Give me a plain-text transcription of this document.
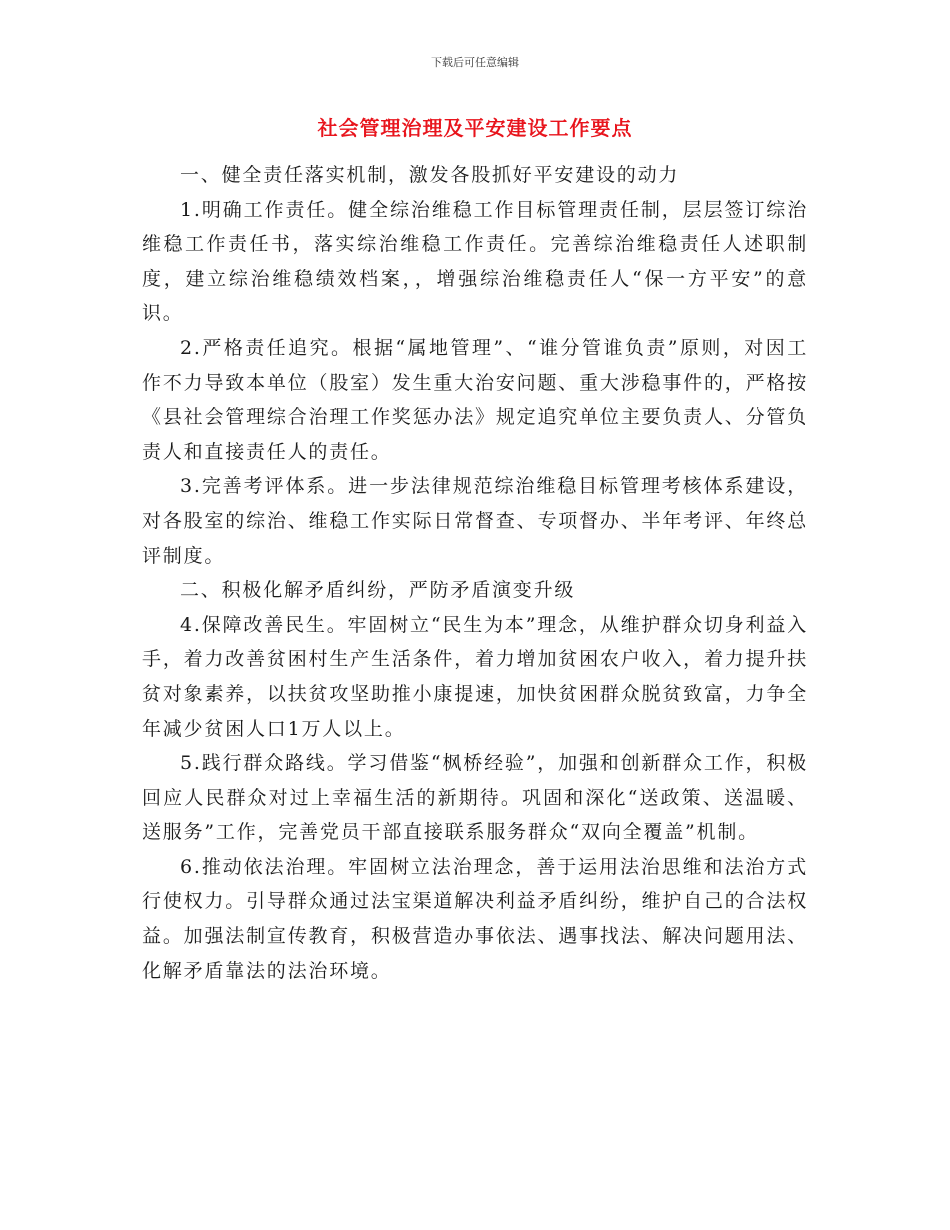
下载后可任意编辑
社会管理治理及平安建设工作要点

一、健全责任落实机制，激发各股抓好平安建设的动力

1.明确工作责任。健全综治维稳工作目标管理责任制，层层签订综治维稳工作责任书，落实综治维稳工作责任。完善综治维稳责任人述职制度，建立综治维稳绩效档案，，增强综治维稳责任人“保一方平安”的意识。

2.严格责任追究。根据“属地管理”、“谁分管谁负责”原则，对因工作不力导致本单位（股室）发生重大治安问题、重大涉稳事件的，严格按《县社会管理综合治理工作奖惩办法》规定追究单位主要负责人、分管负责人和直接责任人的责任。

3.完善考评体系。进一步法律规范综治维稳目标管理考核体系建设，对各股室的综治、维稳工作实际日常督查、专项督办、半年考评、年终总评制度。

二、积极化解矛盾纠纷，严防矛盾演变升级

4.保障改善民生。牢固树立“民生为本”理念，从维护群众切身利益入手，着力改善贫困村生产生活条件，着力增加贫困农户收入，着力提升扶贫对象素养，以扶贫攻坚助推小康提速，加快贫困群众脱贫致富，力争全年减少贫困人口1万人以上。

5.践行群众路线。学习借鉴“枫桥经验”，加强和创新群众工作，积极回应人民群众对过上幸福生活的新期待。巩固和深化“送政策、送温暖、送服务”工作，完善党员干部直接联系服务群众“双向全覆盖”机制。

6.推动依法治理。牢固树立法治理念，善于运用法治思维和法治方式行使权力。引导群众通过法宝渠道解决利益矛盾纠纷，维护自己的合法权益。加强法制宣传教育，积极营造办事依法、遇事找法、解决问题用法、化解矛盾靠法的法治环境。
